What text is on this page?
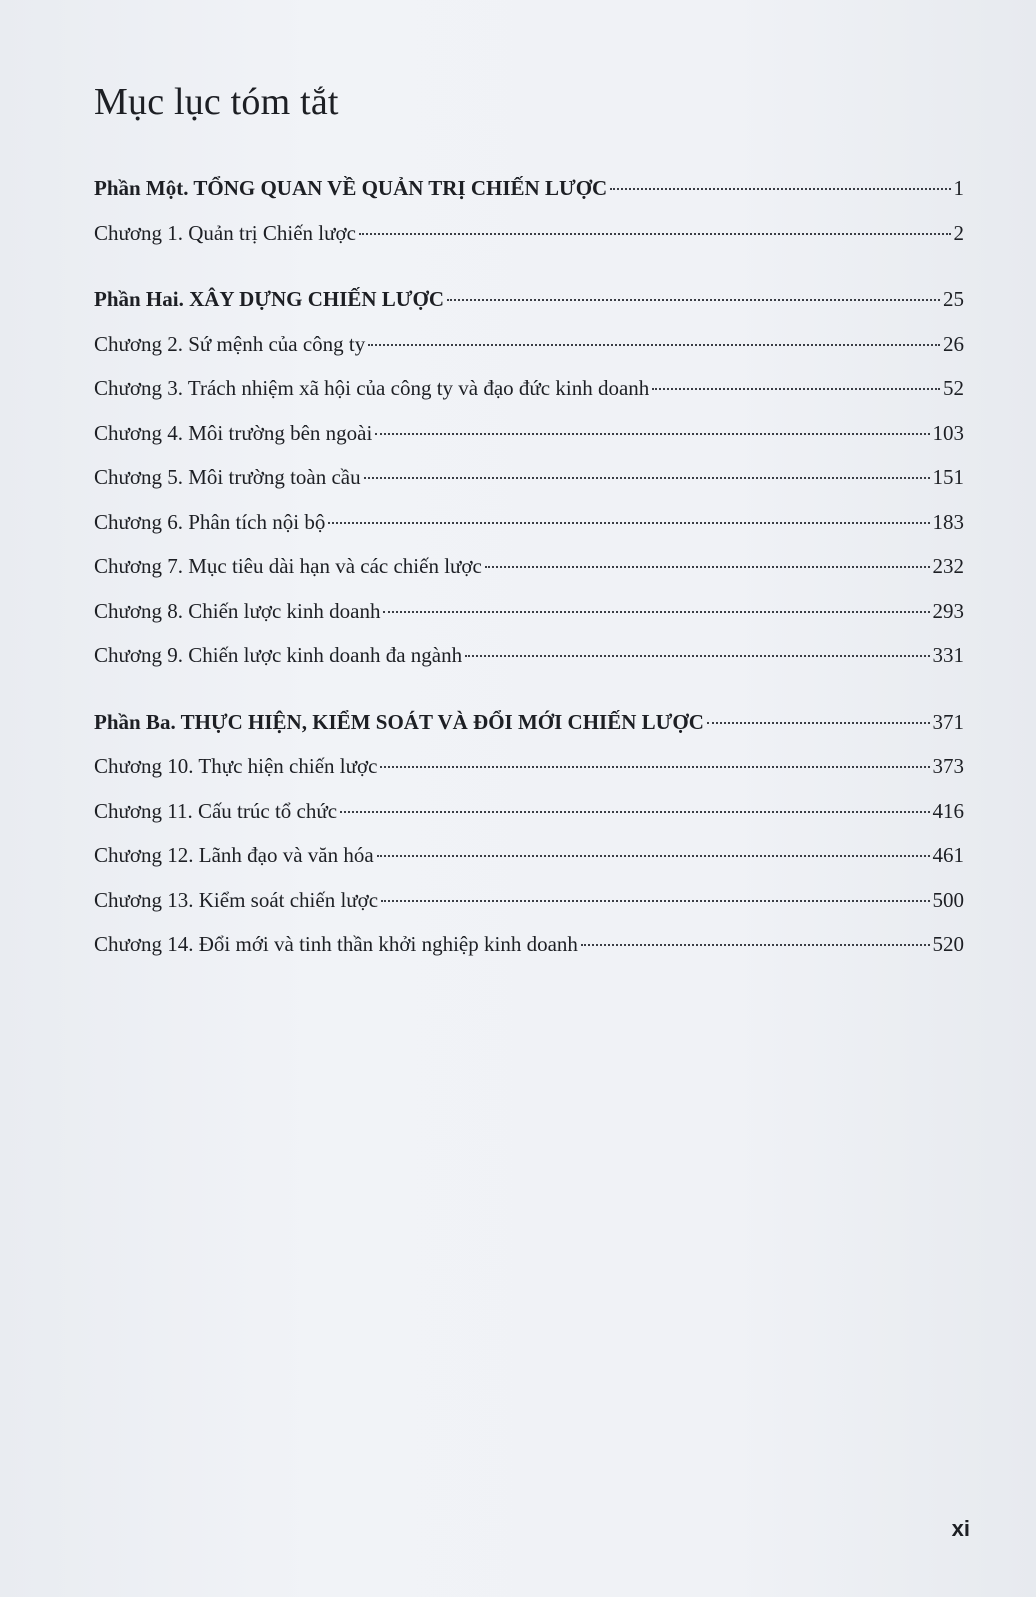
Mục lục tóm tắt
Phần Một. TỔNG QUAN VỀ QUẢN TRỊ CHIẾN LƯỢC	1
Chương 1. Quản trị Chiến lược	2
Phần Hai. XÂY DỰNG CHIẾN LƯỢC	25
Chương 2. Sứ mệnh của công ty	26
Chương 3. Trách nhiệm xã hội của công ty và đạo đức kinh doanh	52
Chương 4. Môi trường bên ngoài	103
Chương 5. Môi trường toàn cầu	151
Chương 6. Phân tích nội bộ	183
Chương 7. Mục tiêu dài hạn và các chiến lược	232
Chương 8. Chiến lược kinh doanh	293
Chương 9. Chiến lược kinh doanh đa ngành	331
Phần Ba. THỰC HIỆN, KIỂM SOÁT VÀ ĐỔI MỚI CHIẾN LƯỢC	371
Chương 10. Thực hiện chiến lược	373
Chương 11. Cấu trúc tổ chức	416
Chương 12. Lãnh đạo và văn hóa	461
Chương 13. Kiểm soát chiến lược	500
Chương 14. Đổi mới và tinh thần khởi nghiệp kinh doanh	520
xi
